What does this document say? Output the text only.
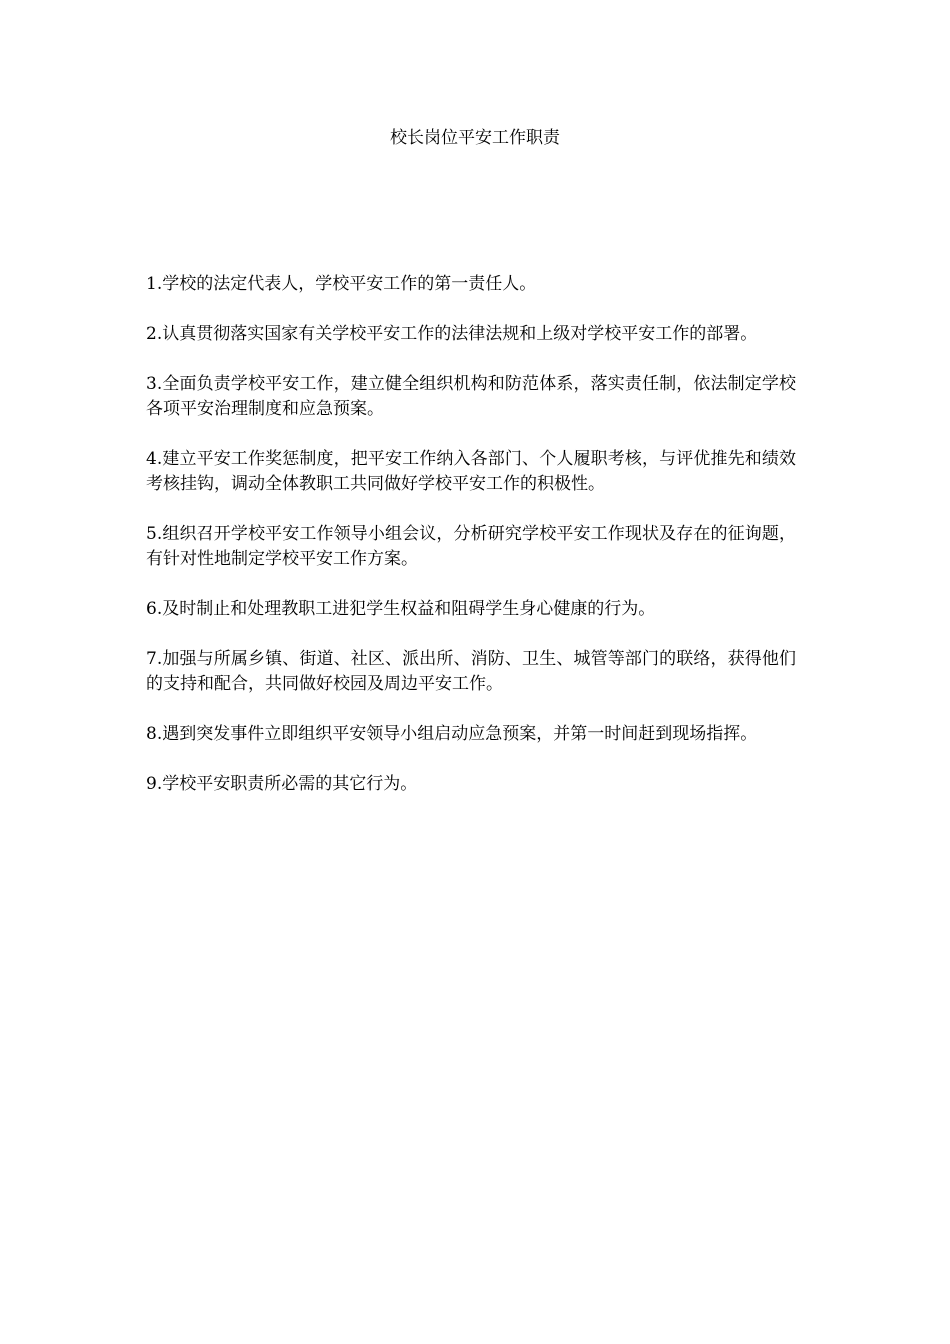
校长岗位平安工作职责
1.学校的法定代表人，学校平安工作的第一责任人。
2.认真贯彻落实国家有关学校平安工作的法律法规和上级对学校平安工作的部署。
3.全面负责学校平安工作，建立健全组织机构和防范体系，落实责任制，依法制定学校各项平安治理制度和应急预案。
4.建立平安工作奖惩制度，把平安工作纳入各部门、个人履职考核，与评优推先和绩效考核挂钩，调动全体教职工共同做好学校平安工作的积极性。
5.组织召开学校平安工作领导小组会议，分析研究学校平安工作现状及存在的征询题，有针对性地制定学校平安工作方案。
6.及时制止和处理教职工进犯学生权益和阻碍学生身心健康的行为。
7.加强与所属乡镇、街道、社区、派出所、消防、卫生、城管等部门的联络，获得他们的支持和配合，共同做好校园及周边平安工作。
8.遇到突发事件立即组织平安领导小组启动应急预案，并第一时间赶到现场指挥。
9.学校平安职责所必需的其它行为。
